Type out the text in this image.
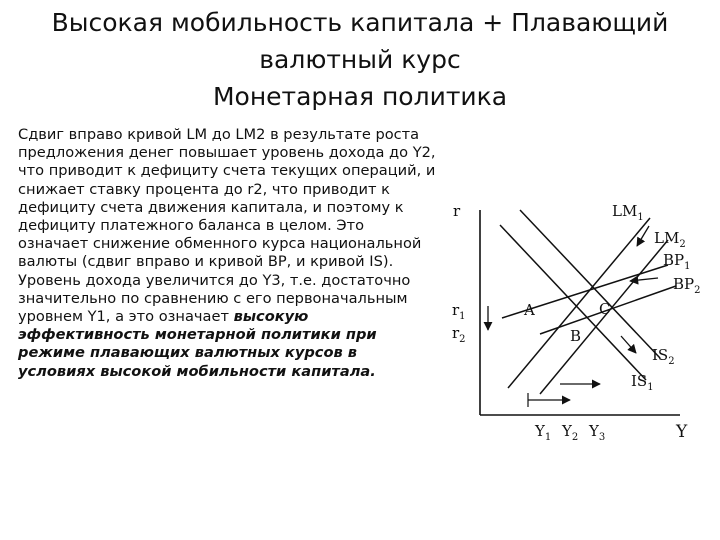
Высокая мобильность капитала + Плавающий
валютный курс
Монетарная политика
Сдвиг вправо кривой LM до LM2 в результате роста предложения денег повышает уровень дохода до Y2, что приводит к дефициту счета текущих операций, и снижает ставку процента до r2, что приводит к дефициту счета движения капитала, и поэтому к дефициту платежного баланса в целом. Это означает снижение обменного курса национальной валюты (сдвиг вправо и кривой BP, и кривой IS). Уровень дохода увеличится до Y3, т.е. достаточно значительно по сравнению с его первоначальным уровнем Y1, а это означает высокую эффективность монетарной политики при режиме плавающих валютных курсов в условиях высокой мобильности капитала.
r
Y
$LM_1$
$LM_2$
$BP_1$
$BP_2$
$IS_2$
$IS_1$
$r_1$
$r_2$
A	C
B
$Y_1$ $Y_2$ $Y_3$
